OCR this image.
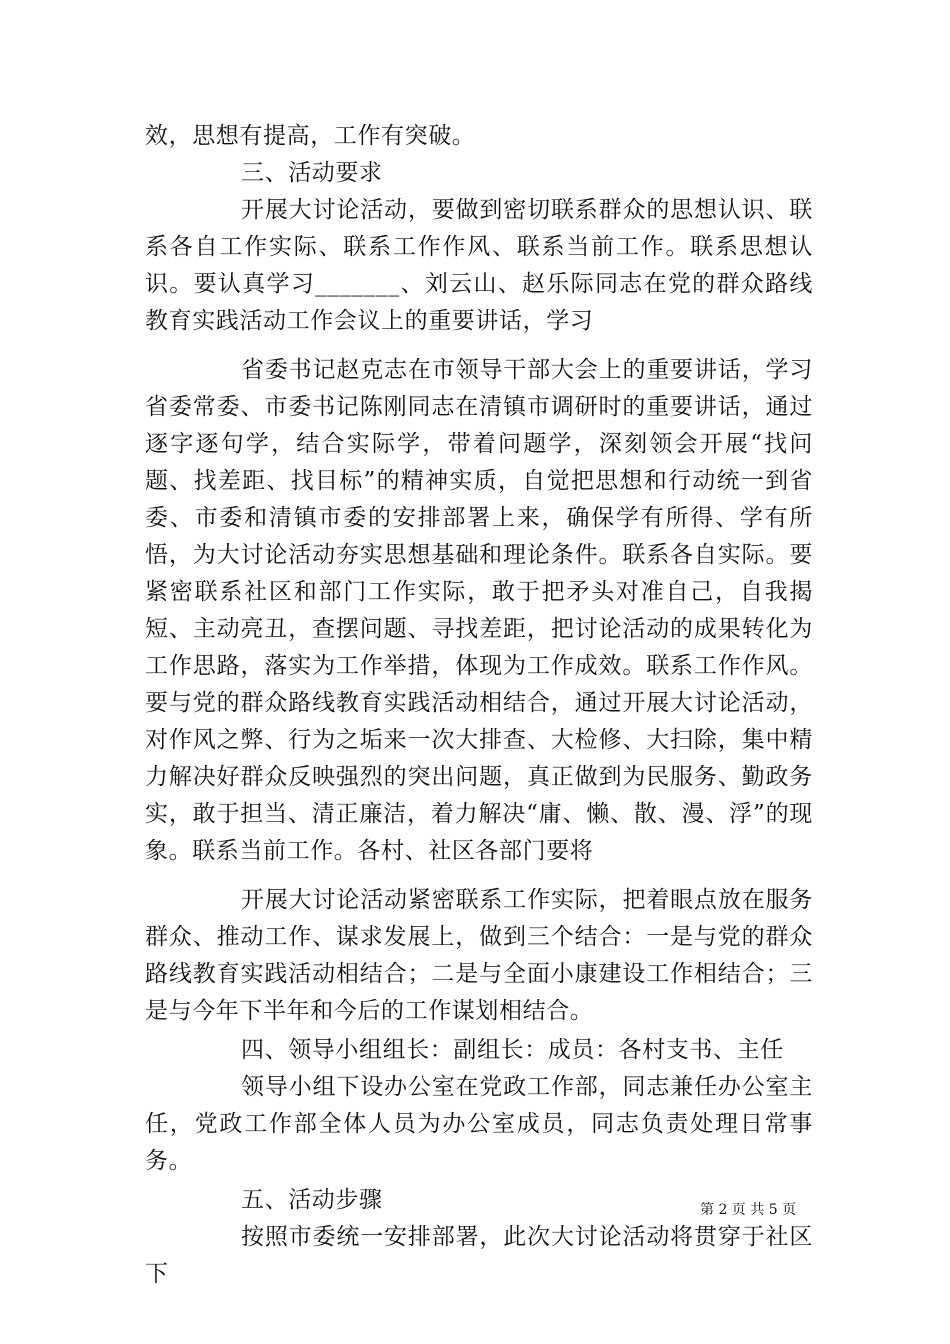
效，思想有提高，工作有突破。

三、活动要求

开展大讨论活动，要做到密切联系群众的思想认识、联系各自工作实际、联系工作作风、联系当前工作。联系思想认识。要认真学习_______、刘云山、赵乐际同志在党的群众路线教育实践活动工作会议上的重要讲话，学习

省委书记赵克志在市领导干部大会上的重要讲话，学习省委常委、市委书记陈刚同志在清镇市调研时的重要讲话，通过逐字逐句学，结合实际学，带着问题学，深刻领会开展“找问题、找差距、找目标”的精神实质，自觉把思想和行动统一到省委、市委和清镇市委的安排部署上来，确保学有所得、学有所悟，为大讨论活动夯实思想基础和理论条件。联系各自实际。要紧密联系社区和部门工作实际，敢于把矛头对准自己，自我揭短、主动亮丑，查摆问题、寻找差距，把讨论活动的成果转化为工作思路，落实为工作举措，体现为工作成效。联系工作作风。要与党的群众路线教育实践活动相结合，通过开展大讨论活动，对作风之弊、行为之垢来一次大排查、大检修、大扫除，集中精力解决好群众反映强烈的突出问题，真正做到为民服务、勤政务实，敢于担当、清正廉洁，着力解决“庸、懒、散、漫、浮”的现象。联系当前工作。各村、社区各部门要将

开展大讨论活动紧密联系工作实际，把着眼点放在服务群众、推动工作、谋求发展上，做到三个结合：一是与党的群众路线教育实践活动相结合；二是与全面小康建设工作相结合；三是与今年下半年和今后的工作谋划相结合。

四、领导小组组长：副组长：成员：各村支书、主任

领导小组下设办公室在党政工作部，同志兼任办公室主任，党政工作部全体人员为办公室成员，同志负责处理日常事务。

五、活动步骤

按照市委统一安排部署，此次大讨论活动将贯穿于社区下

第 2 页 共 5 页
